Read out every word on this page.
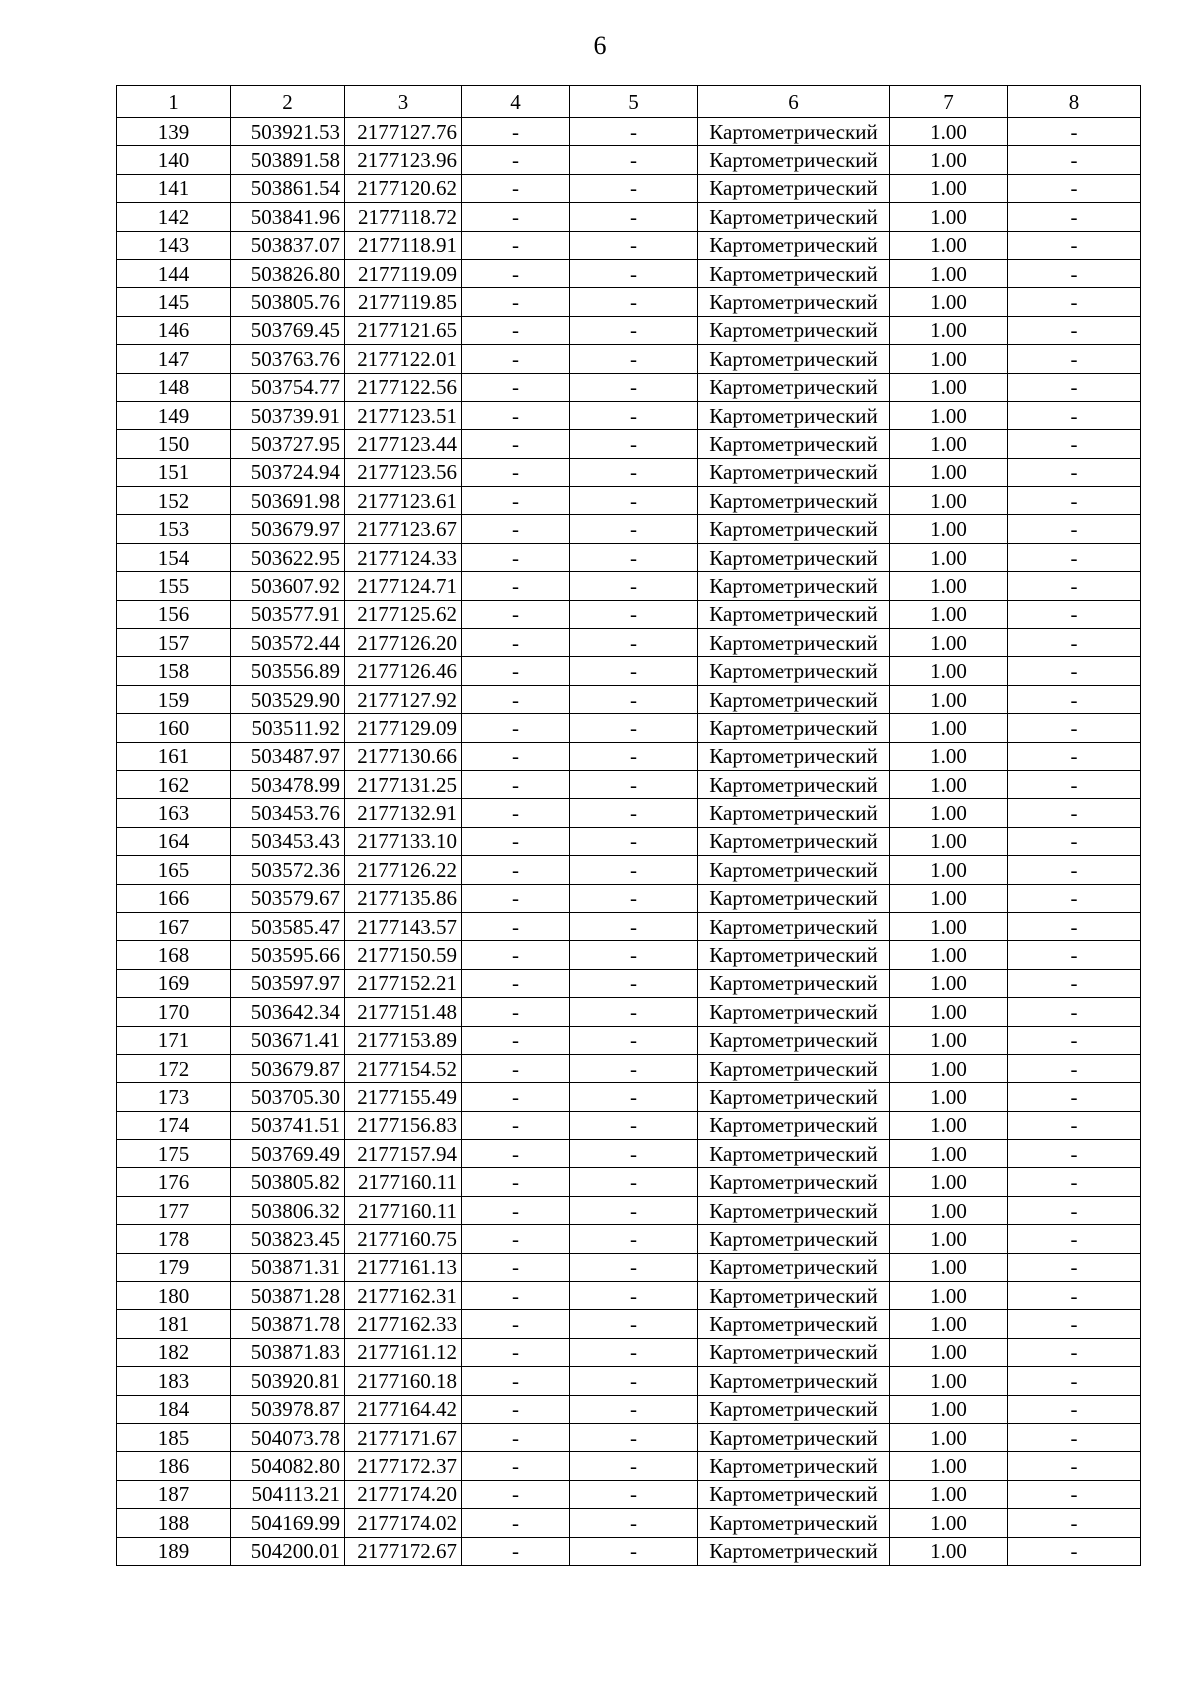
6
1	2	3	4	5	6	7	8
139	503921.53	2177127.76	-	-	Картометрический	1.00	-
140	503891.58	2177123.96	-	-	Картометрический	1.00	-
141	503861.54	2177120.62	-	-	Картометрический	1.00	-
142	503841.96	2177118.72	-	-	Картометрический	1.00	-
143	503837.07	2177118.91	-	-	Картометрический	1.00	-
144	503826.80	2177119.09	-	-	Картометрический	1.00	-
145	503805.76	2177119.85	-	-	Картометрический	1.00	-
146	503769.45	2177121.65	-	-	Картометрический	1.00	-
147	503763.76	2177122.01	-	-	Картометрический	1.00	-
148	503754.77	2177122.56	-	-	Картометрический	1.00	-
149	503739.91	2177123.51	-	-	Картометрический	1.00	-
150	503727.95	2177123.44	-	-	Картометрический	1.00	-
151	503724.94	2177123.56	-	-	Картометрический	1.00	-
152	503691.98	2177123.61	-	-	Картометрический	1.00	-
153	503679.97	2177123.67	-	-	Картометрический	1.00	-
154	503622.95	2177124.33	-	-	Картометрический	1.00	-
155	503607.92	2177124.71	-	-	Картометрический	1.00	-
156	503577.91	2177125.62	-	-	Картометрический	1.00	-
157	503572.44	2177126.20	-	-	Картометрический	1.00	-
158	503556.89	2177126.46	-	-	Картометрический	1.00	-
159	503529.90	2177127.92	-	-	Картометрический	1.00	-
160	503511.92	2177129.09	-	-	Картометрический	1.00	-
161	503487.97	2177130.66	-	-	Картометрический	1.00	-
162	503478.99	2177131.25	-	-	Картометрический	1.00	-
163	503453.76	2177132.91	-	-	Картометрический	1.00	-
164	503453.43	2177133.10	-	-	Картометрический	1.00	-
165	503572.36	2177126.22	-	-	Картометрический	1.00	-
166	503579.67	2177135.86	-	-	Картометрический	1.00	-
167	503585.47	2177143.57	-	-	Картометрический	1.00	-
168	503595.66	2177150.59	-	-	Картометрический	1.00	-
169	503597.97	2177152.21	-	-	Картометрический	1.00	-
170	503642.34	2177151.48	-	-	Картометрический	1.00	-
171	503671.41	2177153.89	-	-	Картометрический	1.00	-
172	503679.87	2177154.52	-	-	Картометрический	1.00	-
173	503705.30	2177155.49	-	-	Картометрический	1.00	-
174	503741.51	2177156.83	-	-	Картометрический	1.00	-
175	503769.49	2177157.94	-	-	Картометрический	1.00	-
176	503805.82	2177160.11	-	-	Картометрический	1.00	-
177	503806.32	2177160.11	-	-	Картометрический	1.00	-
178	503823.45	2177160.75	-	-	Картометрический	1.00	-
179	503871.31	2177161.13	-	-	Картометрический	1.00	-
180	503871.28	2177162.31	-	-	Картометрический	1.00	-
181	503871.78	2177162.33	-	-	Картометрический	1.00	-
182	503871.83	2177161.12	-	-	Картометрический	1.00	-
183	503920.81	2177160.18	-	-	Картометрический	1.00	-
184	503978.87	2177164.42	-	-	Картометрический	1.00	-
185	504073.78	2177171.67	-	-	Картометрический	1.00	-
186	504082.80	2177172.37	-	-	Картометрический	1.00	-
187	504113.21	2177174.20	-	-	Картометрический	1.00	-
188	504169.99	2177174.02	-	-	Картометрический	1.00	-
189	504200.01	2177172.67	-	-	Картометрический	1.00	-
